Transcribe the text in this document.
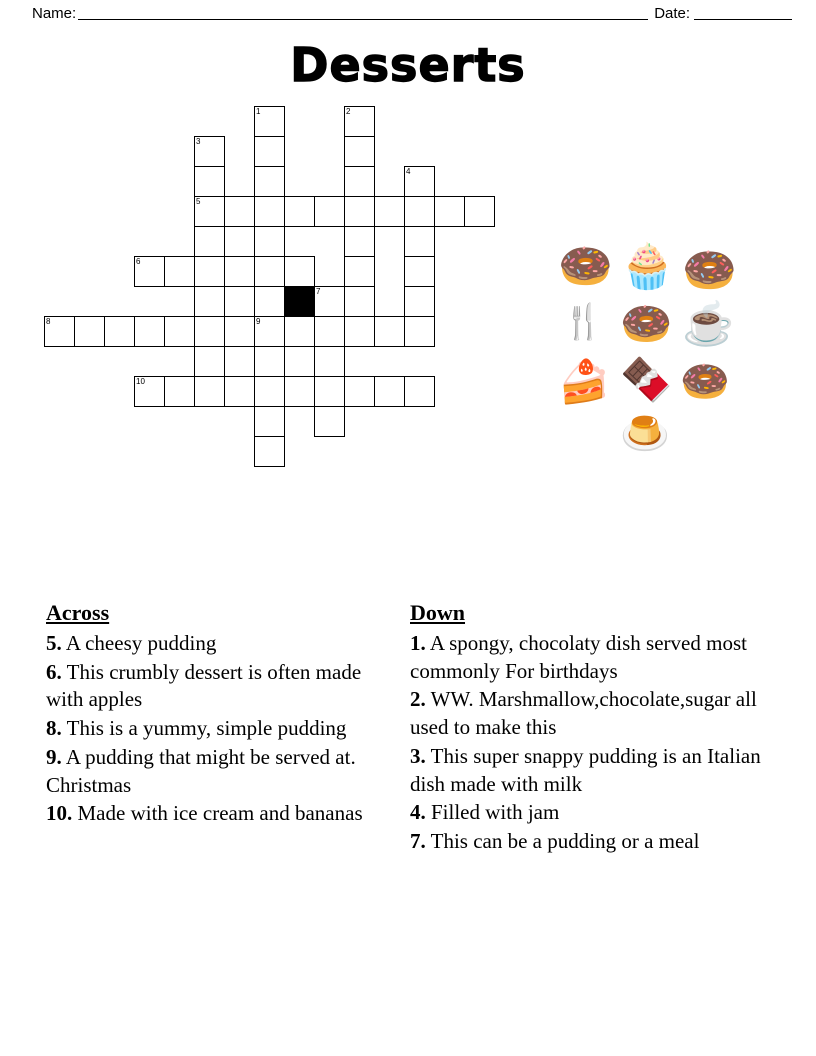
Name:	Date:
Desserts
1	2
3
4
5
6
7
8	9
10
🍩 🧁 🍩
🍴 🍩 ☕
🍰 🍫 🍩
🍮
Across
5. A cheesy pudding
6. This crumbly dessert is often made with apples
8. This is a yummy, simple pudding
9. A pudding that might be served at. Christmas
10. Made with ice cream and bananas
Down
1. A spongy, chocolaty dish served most commonly For birthdays
2. WW. Marshmallow,chocolate,sugar all used to make this
3. This super snappy pudding is an Italian dish made with milk
4. Filled with jam
7. This can be a pudding or a meal
